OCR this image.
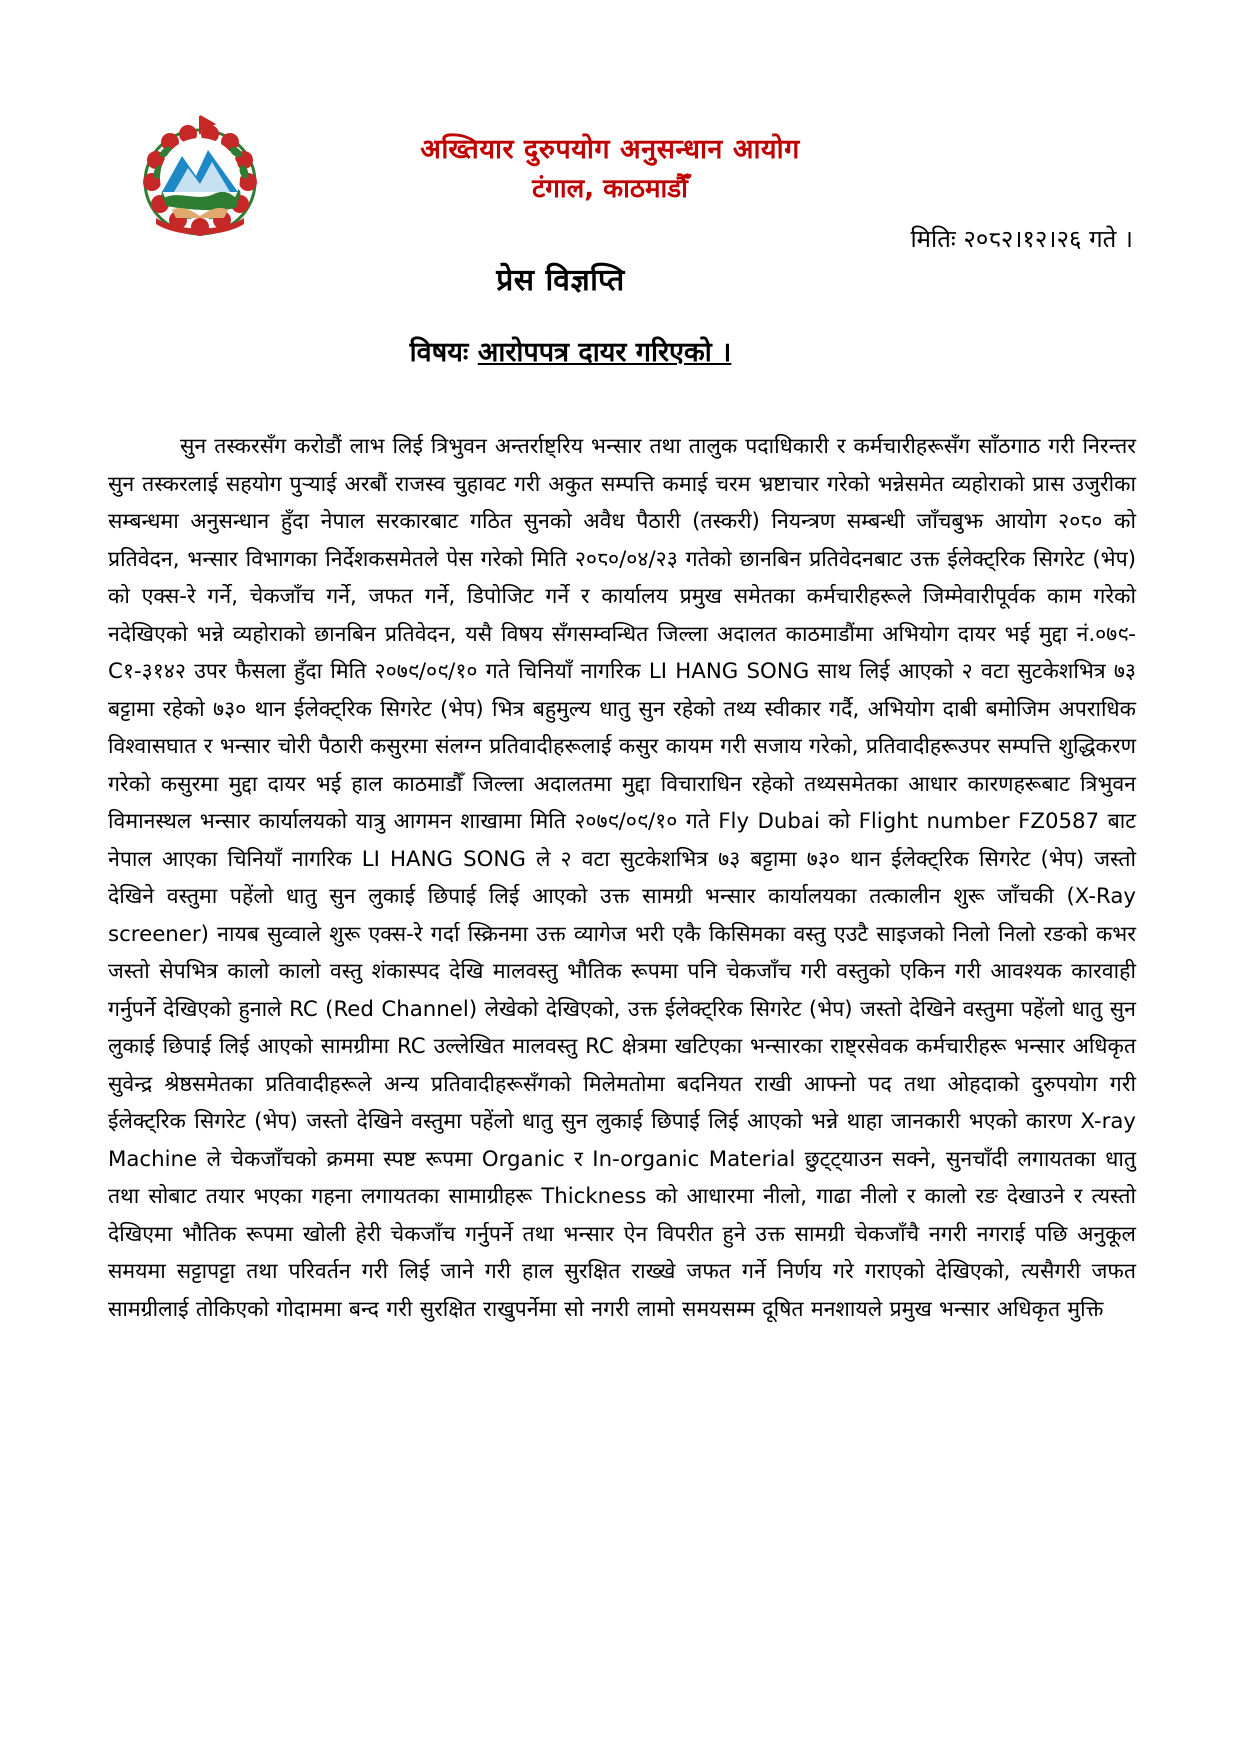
अख्तियार दुरुपयोग अनुसन्धान आयोग
टंगाल, काठमाडौँ
मितिः २०८२।१२।२६ गते ।
प्रेस विज्ञप्ति
विषयः आरोपपत्र दायर गरिएको ।

सुन तस्करसँग करोडौं लाभ लिई त्रिभुवन अन्तर्राष्ट्रिय भन्सार तथा तालुक पदाधिकारी र कर्मचारीहरूसँग साँठगाठ गरी निरन्तर सुन तस्करलाई सहयोग पुऱ्याई अरबौं राजस्व चुहावट गरी अकुत सम्पत्ति कमाई चरम भ्रष्टाचार गरेको भन्नेसमेत व्यहोराको प्रास उजुरीका सम्बन्धमा अनुसन्धान हुँदा नेपाल सरकारबाट गठित सुनको अवैध पैठारी (तस्करी) नियन्त्रण सम्बन्धी जाँचबुझ आयोग २०८० को प्रतिवेदन, भन्सार विभागका निर्देशकसमेतले पेस गरेको मिति २०८०/०४/२३ गतेको छानबिन प्रतिवेदनबाट उक्त ईलेक्ट्रिक सिगरेट (भेप) को एक्स-रे गर्ने, चेकजाँच गर्ने, जफत गर्ने, डिपोजिट गर्ने र कार्यालय प्रमुख समेतका कर्मचारीहरूले जिम्मेवारीपूर्वक काम गरेको नदेखिएको भन्ने व्यहोराको छानबिन प्रतिवेदन, यसै विषय सँगसम्वन्धित जिल्ला अदालत काठमाडौंमा अभियोग दायर भई मुद्दा नं.०७९-C१-३१४२ उपर फैसला हुँदा मिति २०७९/०९/१० गते चिनियाँ नागरिक LI HANG SONG साथ लिई आएको २ वटा सुटकेशभित्र ७३ बट्टामा रहेको ७३० थान ईलेक्ट्रिक सिगरेट (भेप) भित्र बहुमुल्य धातु सुन रहेको तथ्य स्वीकार गर्दै, अभियोग दाबी बमोजिम अपराधिक विश्वासघात र भन्सार चोरी पैठारी कसुरमा संलग्न प्रतिवादीहरूलाई कसुर कायम गरी सजाय गरेको, प्रतिवादीहरूउपर सम्पत्ति शुद्धिकरण गरेको कसुरमा मुद्दा दायर भई हाल काठमाडौँ जिल्ला अदालतमा मुद्दा विचाराधिन रहेको तथ्यसमेतका आधार कारणहरूबाट त्रिभुवन विमानस्थल भन्सार कार्यालयको यात्रु आगमन शाखामा मिति २०७९/०९/१० गते Fly Dubai को Flight number FZ0587 बाट नेपाल आएका चिनियाँ नागरिक LI HANG SONG ले २ वटा सुटकेशभित्र ७३ बट्टामा ७३० थान ईलेक्ट्रिक सिगरेट (भेप) जस्तो देखिने वस्तुमा पहेंलो धातु सुन लुकाई छिपाई लिई आएको उक्त सामग्री भन्सार कार्यालयका तत्कालीन शुरू जाँचकी (X-Ray screener) नायब सुव्वाले शुरू एक्स-रे गर्दा स्क्रिनमा उक्त व्यागेज भरी एकै किसिमका वस्तु एउटै साइजको निलो निलो रङको कभर जस्तो सेपभित्र कालो कालो वस्तु शंकास्पद देखि मालवस्तु भौतिक रूपमा पनि चेकजाँच गरी वस्तुको एकिन गरी आवश्यक कारवाही गर्नुपर्ने देखिएको हुनाले RC (Red Channel) लेखेको देखिएको, उक्त ईलेक्ट्रिक सिगरेट (भेप) जस्तो देखिने वस्तुमा पहेंलो धातु सुन लुकाई छिपाई लिई आएको सामग्रीमा RC उल्लेखित मालवस्तु RC क्षेत्रमा खटिएका भन्सारका राष्ट्रसेवक कर्मचारीहरू भन्सार अधिकृत सुवेन्द्र श्रेष्ठसमेतका प्रतिवादीहरूले अन्य प्रतिवादीहरूसँगको मिलेमतोमा बदनियत राखी आफ्नो पद तथा ओहदाको दुरुपयोग गरी ईलेक्ट्रिक सिगरेट (भेप) जस्तो देखिने वस्तुमा पहेंलो धातु सुन लुकाई छिपाई लिई आएको भन्ने थाहा जानकारी भएको कारण X-ray Machine ले चेकजाँचको क्रममा स्पष्ट रूपमा Organic र In-organic Material छुट्ट्याउन सक्ने, सुनचाँदी लगायतका धातु तथा सोबाट तयार भएका गहना लगायतका सामाग्रीहरू Thickness को आधारमा नीलो, गाढा नीलो र कालो रङ देखाउने र त्यस्तो देखिएमा भौतिक रूपमा खोली हेरी चेकजाँच गर्नुपर्ने तथा भन्सार ऐन विपरीत हुने उक्त सामग्री चेकजाँचै नगरी नगराई पछि अनुकूल समयमा सट्टापट्टा तथा परिवर्तन गरी लिई जाने गरी हाल सुरक्षित राख्खे जफत गर्ने निर्णय गरे गराएको देखिएको, त्यसैगरी जफत सामग्रीलाई तोकिएको गोदाममा बन्द गरी सुरक्षित राखुपर्नेमा सो नगरी लामो समयसम्म दूषित मनशायले प्रमुख भन्सार अधिकृत मुक्ति
